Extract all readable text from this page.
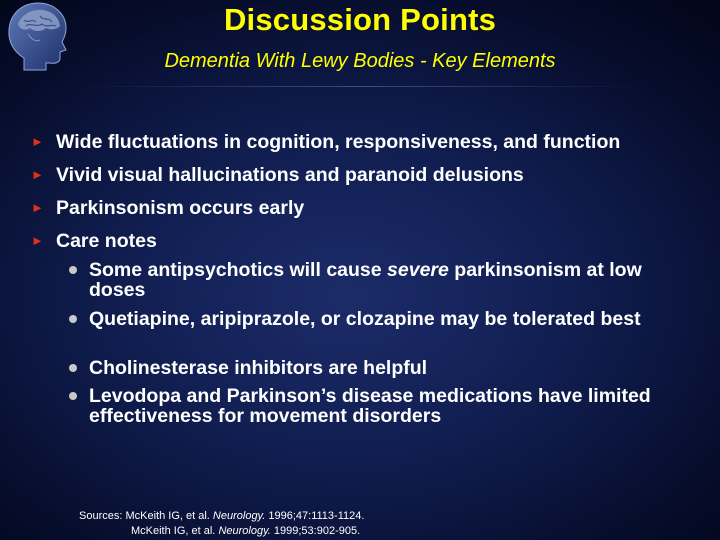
Discussion Points
Dementia With Lewy Bodies - Key Elements
► Wide fluctuations in cognition, responsiveness, and function
► Vivid visual hallucinations and paranoid delusions
► Parkinsonism occurs early
► Care notes
Some antipsychotics will cause severe parkinsonism at low doses
Quetiapine, aripiprazole, or clozapine may be tolerated best
Cholinesterase inhibitors are helpful
Levodopa and Parkinson’s disease medications have limited effectiveness for movement disorders
Sources: McKeith IG, et al. Neurology. 1996;47:1113-1124.
McKeith IG, et al. Neurology. 1999;53:902-905.
